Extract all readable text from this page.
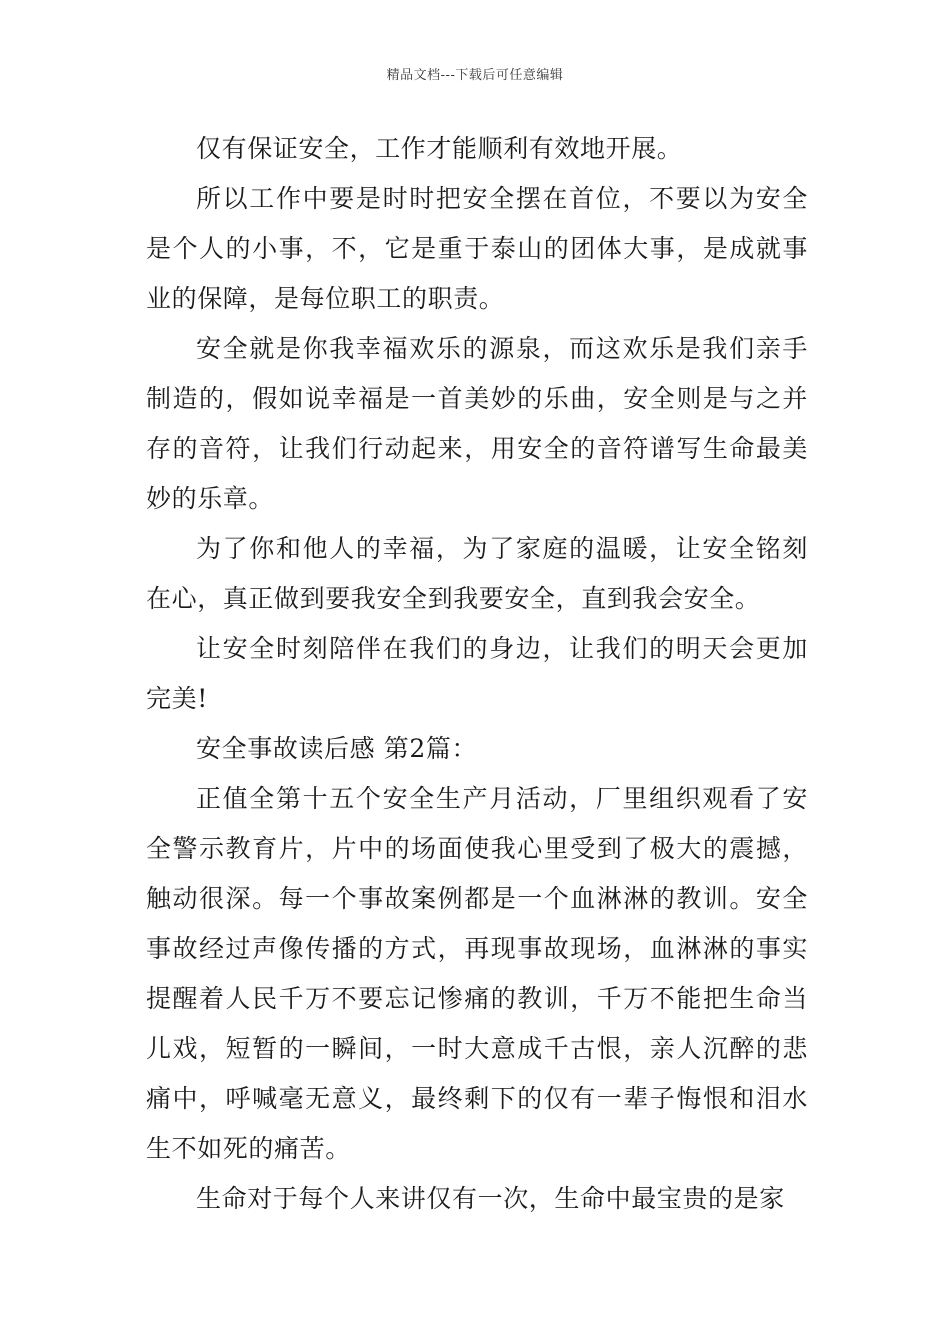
精品文档---下载后可任意编辑

仅有保证安全，工作才能顺利有效地开展。

所以工作中要是时时把安全摆在首位，不要以为安全是个人的小事，不，它是重于泰山的团体大事，是成就事业的保障，是每位职工的职责。

安全就是你我幸福欢乐的源泉，而这欢乐是我们亲手制造的，假如说幸福是一首美妙的乐曲，安全则是与之并存的音符，让我们行动起来，用安全的音符谱写生命最美妙的乐章。

为了你和他人的幸福，为了家庭的温暖，让安全铭刻在心，真正做到要我安全到我要安全，直到我会安全。

让安全时刻陪伴在我们的身边，让我们的明天会更加完美!

安全事故读后感 第2篇：

正值全第十五个安全生产月活动，厂里组织观看了安全警示教育片，片中的场面使我心里受到了极大的震撼，触动很深。每一个事故案例都是一个血淋淋的教训。安全事故经过声像传播的方式，再现事故现场，血淋淋的事实提醒着人民千万不要忘记惨痛的教训，千万不能把生命当儿戏，短暂的一瞬间，一时大意成千古恨，亲人沉醉的悲痛中，呼喊毫无意义，最终剩下的仅有一辈子悔恨和泪水生不如死的痛苦。

生命对于每个人来讲仅有一次，生命中最宝贵的是家
